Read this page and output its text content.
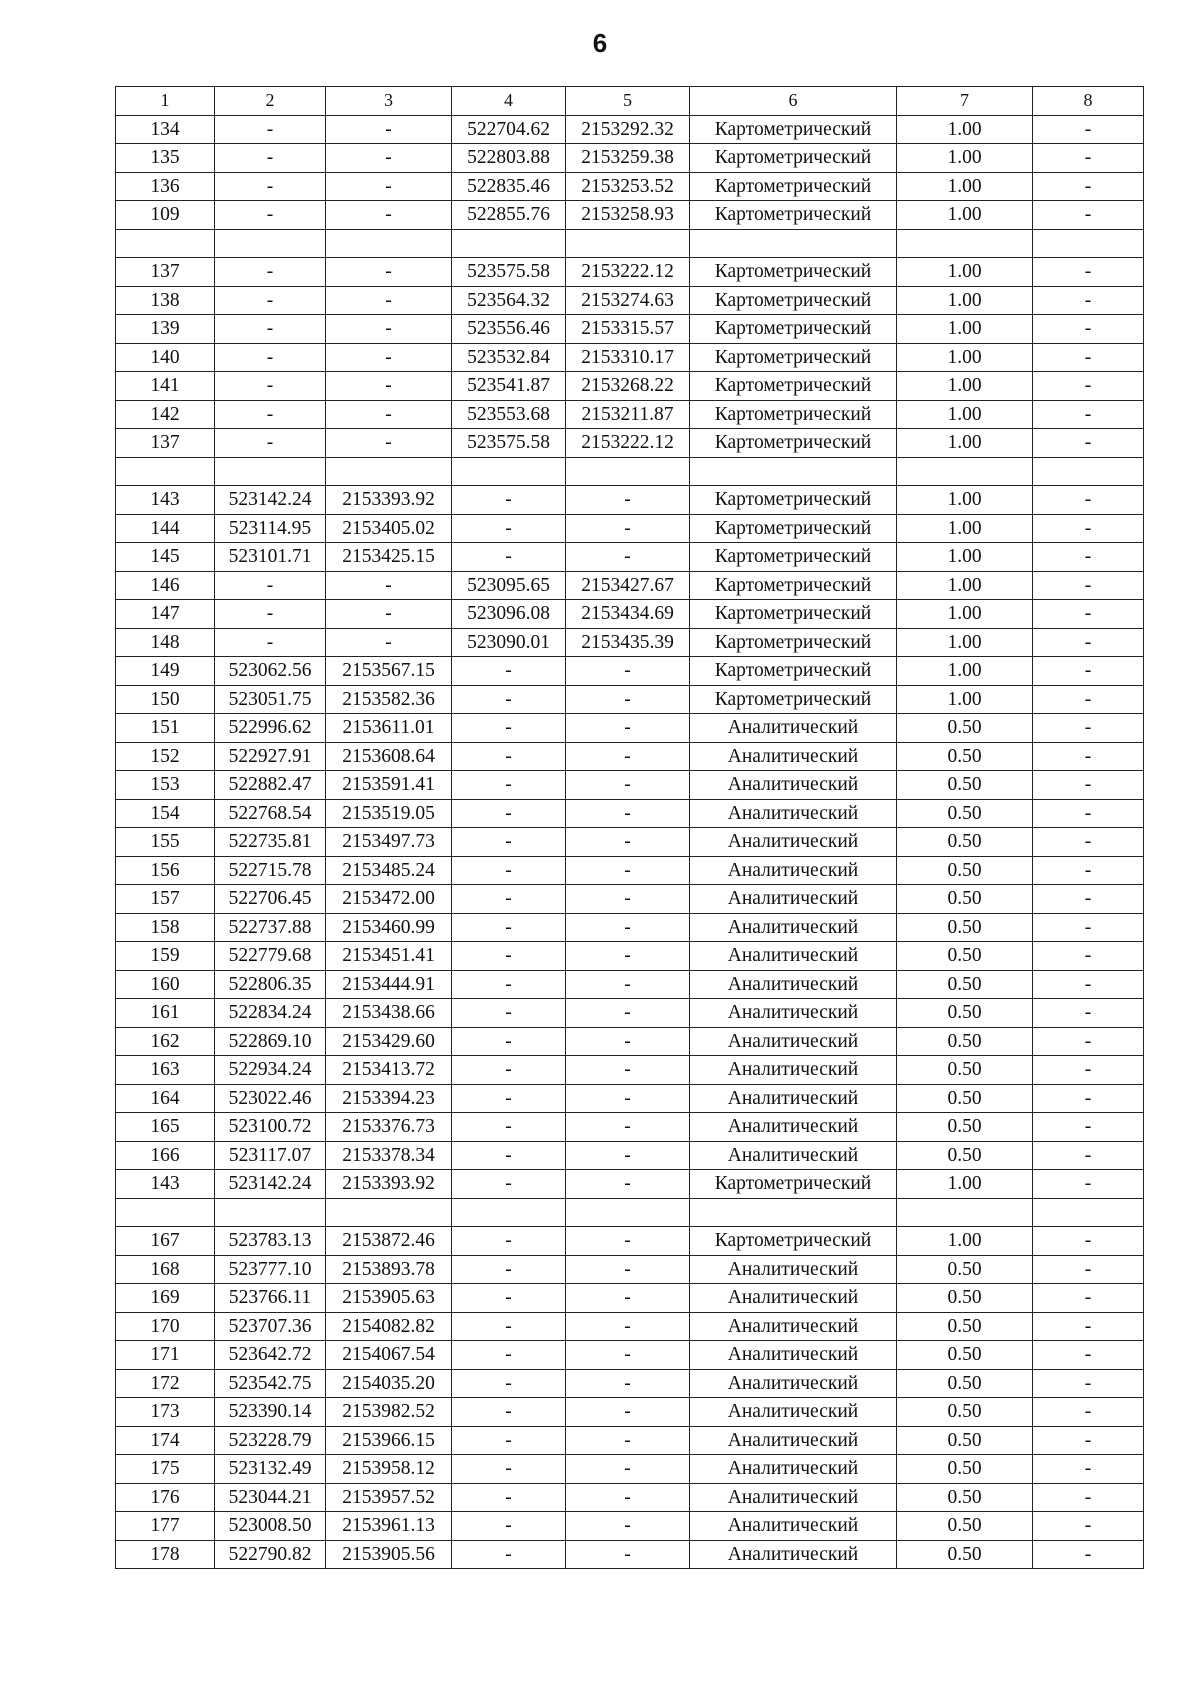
6
1	2	3	4	5	6	7	8
134	-	-	522704.62	2153292.32	Картометрический	1.00	-
135	-	-	522803.88	2153259.38	Картометрический	1.00	-
136	-	-	522835.46	2153253.52	Картометрический	1.00	-
109	-	-	522855.76	2153258.93	Картометрический	1.00	-

137	-	-	523575.58	2153222.12	Картометрический	1.00	-
138	-	-	523564.32	2153274.63	Картометрический	1.00	-
139	-	-	523556.46	2153315.57	Картометрический	1.00	-
140	-	-	523532.84	2153310.17	Картометрический	1.00	-
141	-	-	523541.87	2153268.22	Картометрический	1.00	-
142	-	-	523553.68	2153211.87	Картометрический	1.00	-
137	-	-	523575.58	2153222.12	Картометрический	1.00	-

143	523142.24	2153393.92	-	-	Картометрический	1.00	-
144	523114.95	2153405.02	-	-	Картометрический	1.00	-
145	523101.71	2153425.15	-	-	Картометрический	1.00	-
146	-	-	523095.65	2153427.67	Картометрический	1.00	-
147	-	-	523096.08	2153434.69	Картометрический	1.00	-
148	-	-	523090.01	2153435.39	Картометрический	1.00	-
149	523062.56	2153567.15	-	-	Картометрический	1.00	-
150	523051.75	2153582.36	-	-	Картометрический	1.00	-
151	522996.62	2153611.01	-	-	Аналитический	0.50	-
152	522927.91	2153608.64	-	-	Аналитический	0.50	-
153	522882.47	2153591.41	-	-	Аналитический	0.50	-
154	522768.54	2153519.05	-	-	Аналитический	0.50	-
155	522735.81	2153497.73	-	-	Аналитический	0.50	-
156	522715.78	2153485.24	-	-	Аналитический	0.50	-
157	522706.45	2153472.00	-	-	Аналитический	0.50	-
158	522737.88	2153460.99	-	-	Аналитический	0.50	-
159	522779.68	2153451.41	-	-	Аналитический	0.50	-
160	522806.35	2153444.91	-	-	Аналитический	0.50	-
161	522834.24	2153438.66	-	-	Аналитический	0.50	-
162	522869.10	2153429.60	-	-	Аналитический	0.50	-
163	522934.24	2153413.72	-	-	Аналитический	0.50	-
164	523022.46	2153394.23	-	-	Аналитический	0.50	-
165	523100.72	2153376.73	-	-	Аналитический	0.50	-
166	523117.07	2153378.34	-	-	Аналитический	0.50	-
143	523142.24	2153393.92	-	-	Картометрический	1.00	-

167	523783.13	2153872.46	-	-	Картометрический	1.00	-
168	523777.10	2153893.78	-	-	Аналитический	0.50	-
169	523766.11	2153905.63	-	-	Аналитический	0.50	-
170	523707.36	2154082.82	-	-	Аналитический	0.50	-
171	523642.72	2154067.54	-	-	Аналитический	0.50	-
172	523542.75	2154035.20	-	-	Аналитический	0.50	-
173	523390.14	2153982.52	-	-	Аналитический	0.50	-
174	523228.79	2153966.15	-	-	Аналитический	0.50	-
175	523132.49	2153958.12	-	-	Аналитический	0.50	-
176	523044.21	2153957.52	-	-	Аналитический	0.50	-
177	523008.50	2153961.13	-	-	Аналитический	0.50	-
178	522790.82	2153905.56	-	-	Аналитический	0.50	-
